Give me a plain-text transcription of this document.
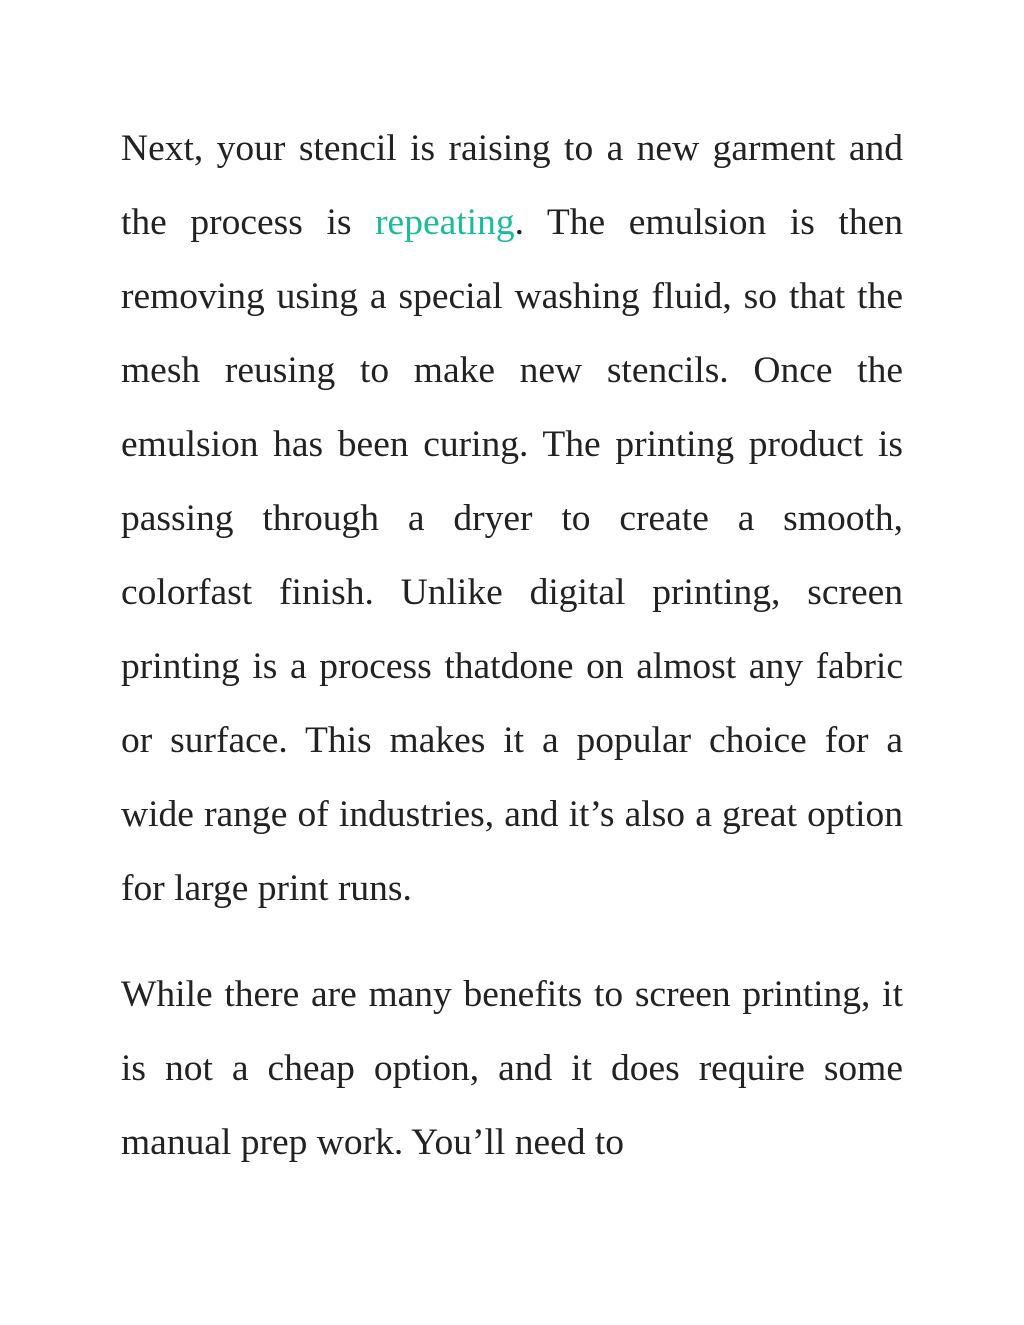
Next, your stencil is raising to a new garment and the process is repeating. The emulsion is then removing using a special washing fluid, so that the mesh reusing to make new stencils. Once the emulsion has been curing. The printing product is passing through a dryer to create a smooth, colorfast finish. Unlike digital printing, screen printing is a process thatdone on almost any fabric or surface. This makes it a popular choice for a wide range of industries, and it’s also a great option for large print runs.

While there are many benefits to screen printing, it is not a cheap option, and it does require some manual prep work. You’ll need to
